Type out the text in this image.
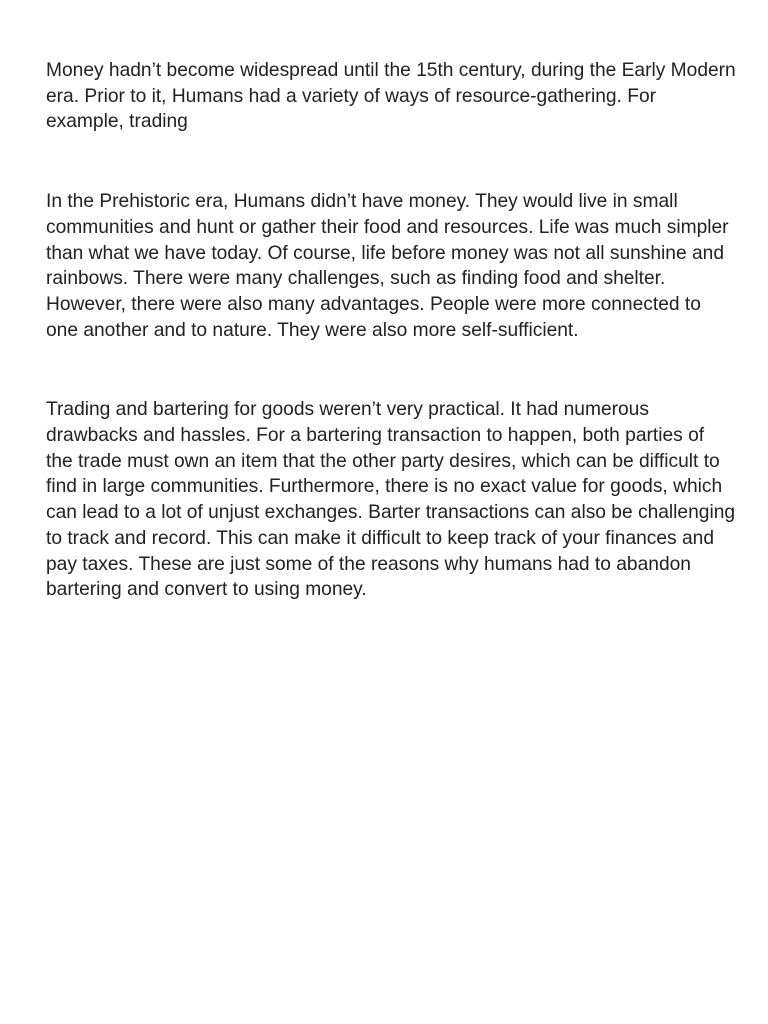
Money hadn’t become widespread until the 15th century, during the Early Modern era. Prior to it, Humans had a variety of ways of resource-gathering. For example, trading

In the Prehistoric era, Humans didn’t have money. They would live in small communities and hunt or gather their food and resources. Life was much simpler than what we have today. Of course, life before money was not all sunshine and rainbows. There were many challenges, such as finding food and shelter. However, there were also many advantages. People were more connected to one another and to nature. They were also more self-sufficient.

Trading and bartering for goods weren’t very practical. It had numerous drawbacks and hassles. For a bartering transaction to happen, both parties of the trade must own an item that the other party desires, which can be difficult to find in large communities. Furthermore, there is no exact value for goods, which can lead to a lot of unjust exchanges. Barter transactions can also be challenging to track and record. This can make it difficult to keep track of your finances and pay taxes. These are just some of the reasons why humans had to abandon bartering and convert to using money.
